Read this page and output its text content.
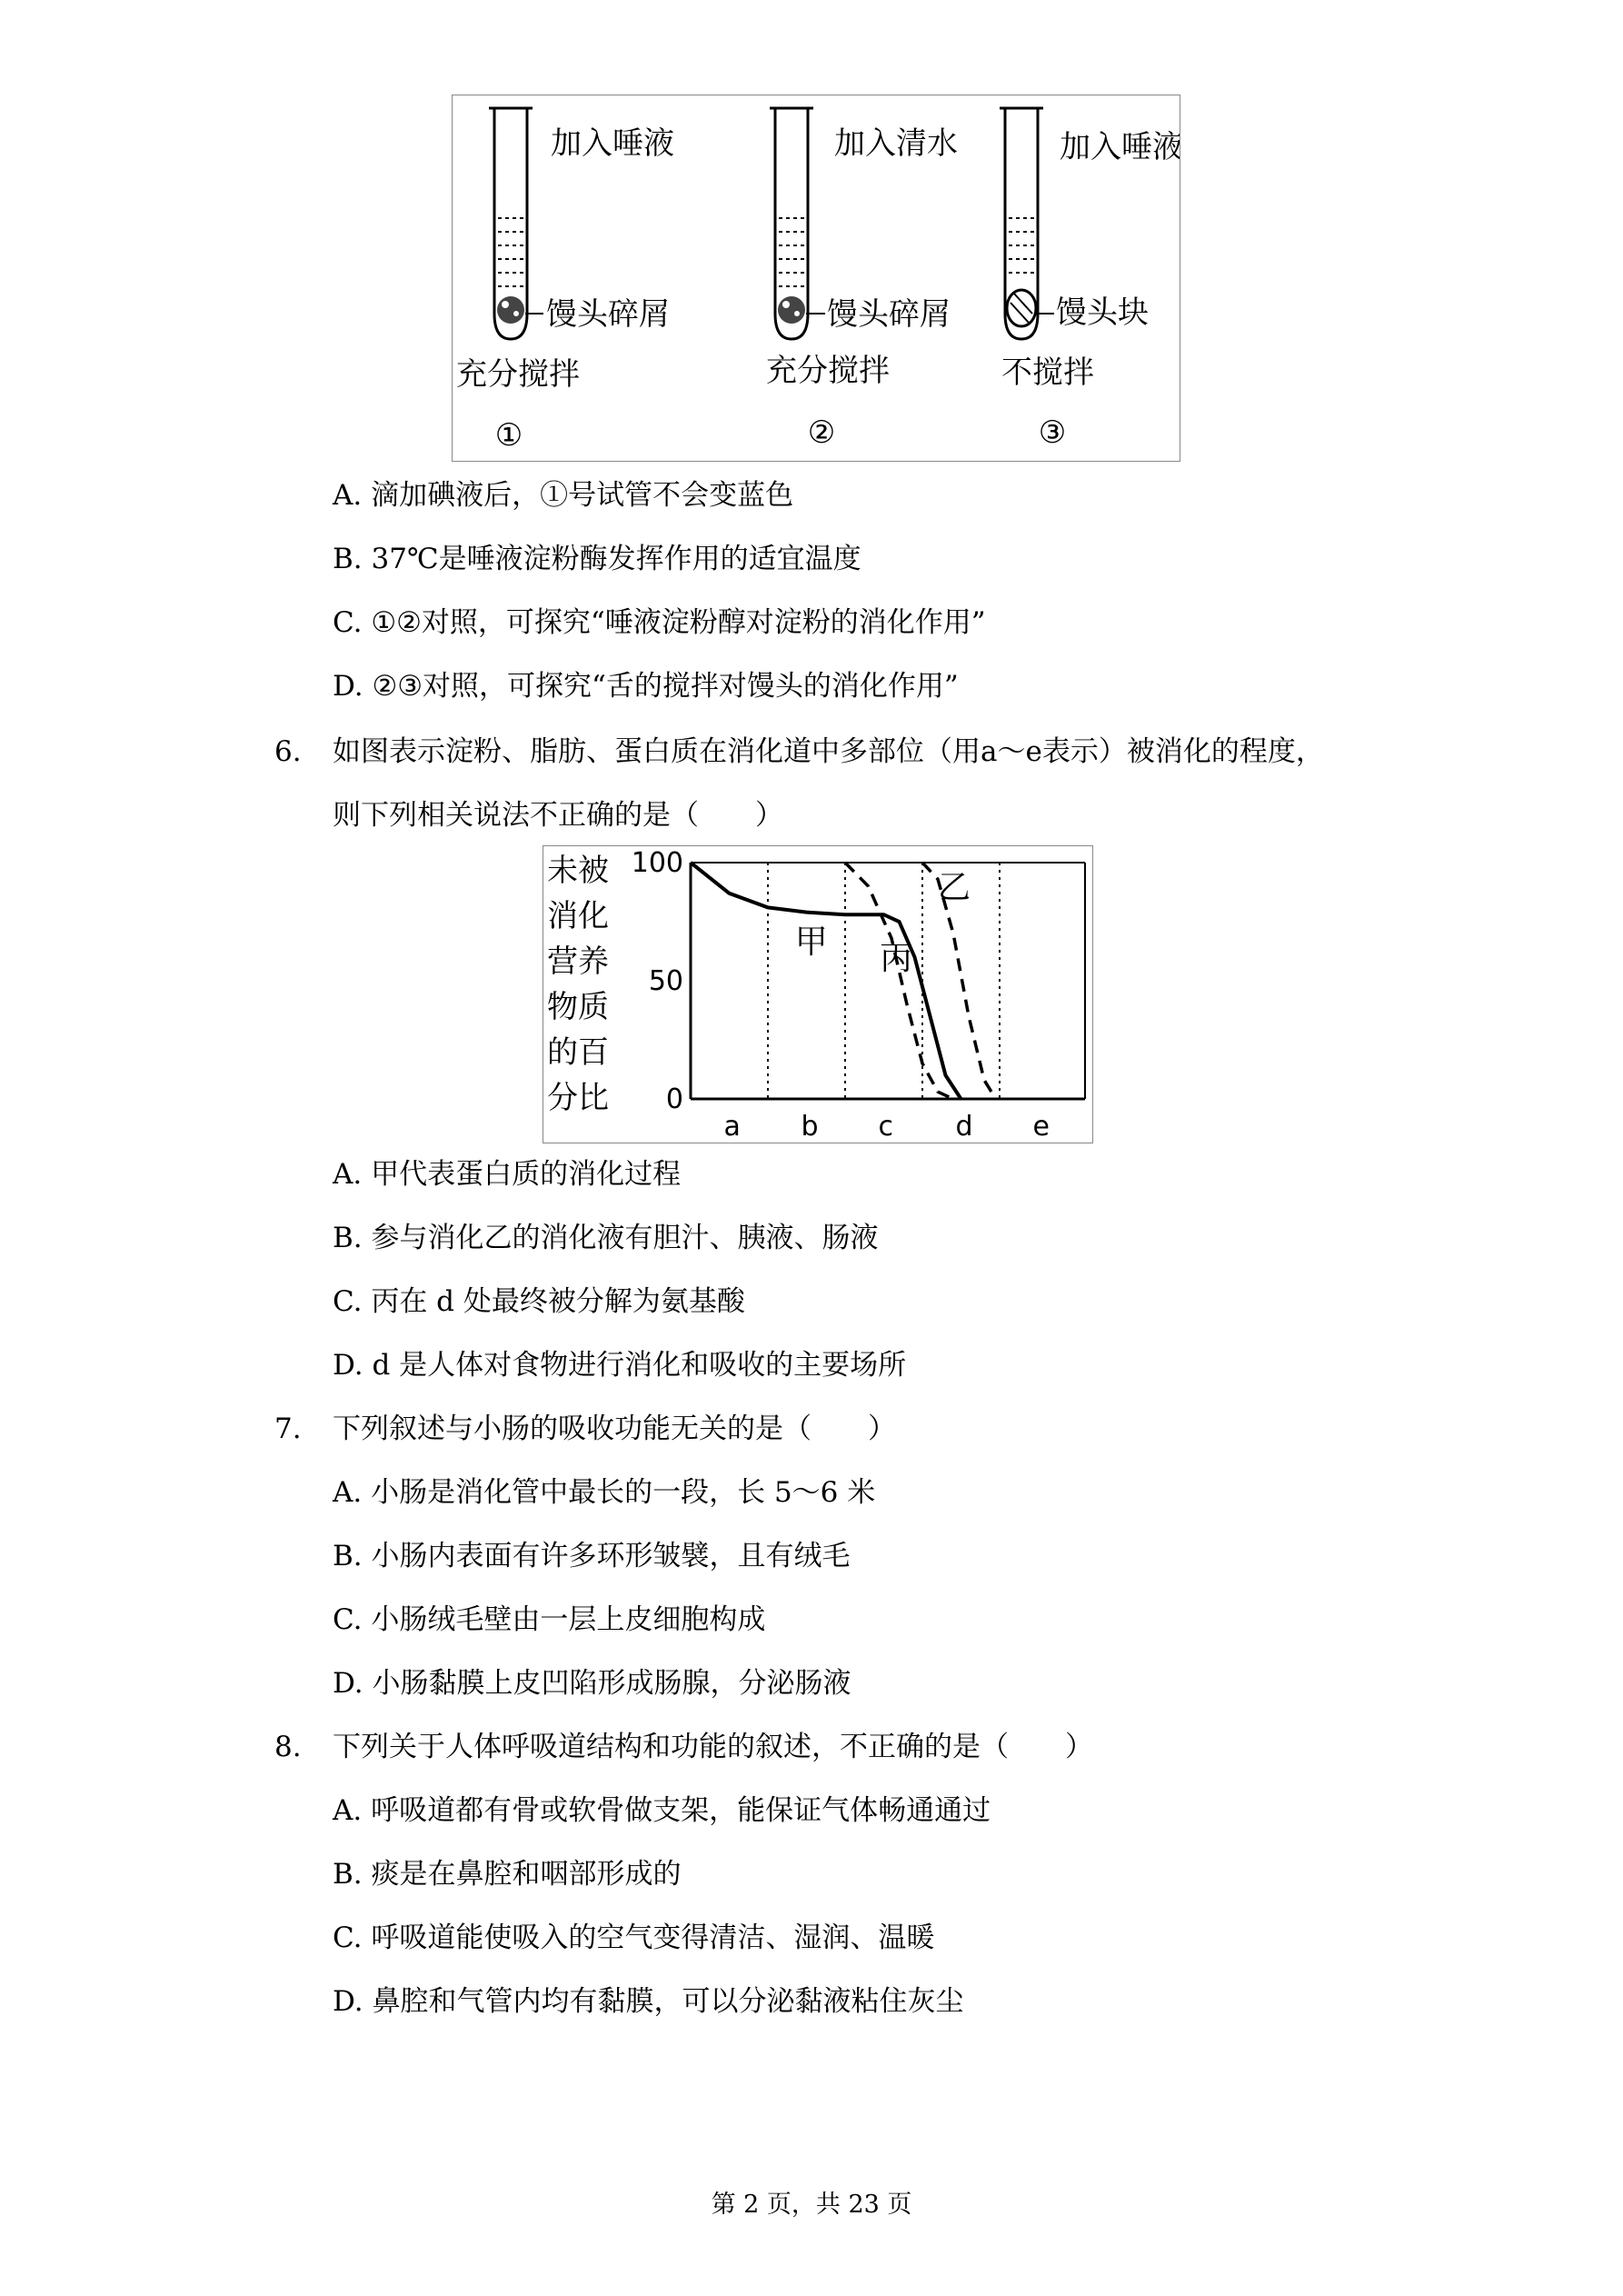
加入唾液
馒头碎屑
充分搅拌
①
加入清水
馒头碎屑
充分搅拌
②
加入唾液
馒头块
不搅拌
③
A. 滴加碘液后，①号试管不会变蓝色
B. 37℃是唾液淀粉酶发挥作用的适宜温度
C. ①②对照，可探究“唾液淀粉醇对淀粉的消化作用”
D. ②③对照，可探究“舌的搅拌对馒头的消化作用”
6. 如图表示淀粉、脂肪、蛋白质在消化道中多部位（用a～e表示）被消化的程度，
则下列相关说法不正确的是（　　）
未被
消化
营养
物质
的百
分比
100
50
0
a b c d e
甲
乙
丙
A. 甲代表蛋白质的消化过程
B. 参与消化乙的消化液有胆汁、胰液、肠液
C. 丙在 d 处最终被分解为氨基酸
D. d 是人体对食物进行消化和吸收的主要场所
7. 下列叙述与小肠的吸收功能无关的是（　　）
A. 小肠是消化管中最长的一段，长 5～6 米
B. 小肠内表面有许多环形皱襞，且有绒毛
C. 小肠绒毛壁由一层上皮细胞构成
D. 小肠黏膜上皮凹陷形成肠腺，分泌肠液
8. 下列关于人体呼吸道结构和功能的叙述，不正确的是（　　）
A. 呼吸道都有骨或软骨做支架，能保证气体畅通通过
B. 痰是在鼻腔和咽部形成的
C. 呼吸道能使吸入的空气变得清洁、湿润、温暖
D. 鼻腔和气管内均有黏膜，可以分泌黏液粘住灰尘
第 2 页，共 23 页
